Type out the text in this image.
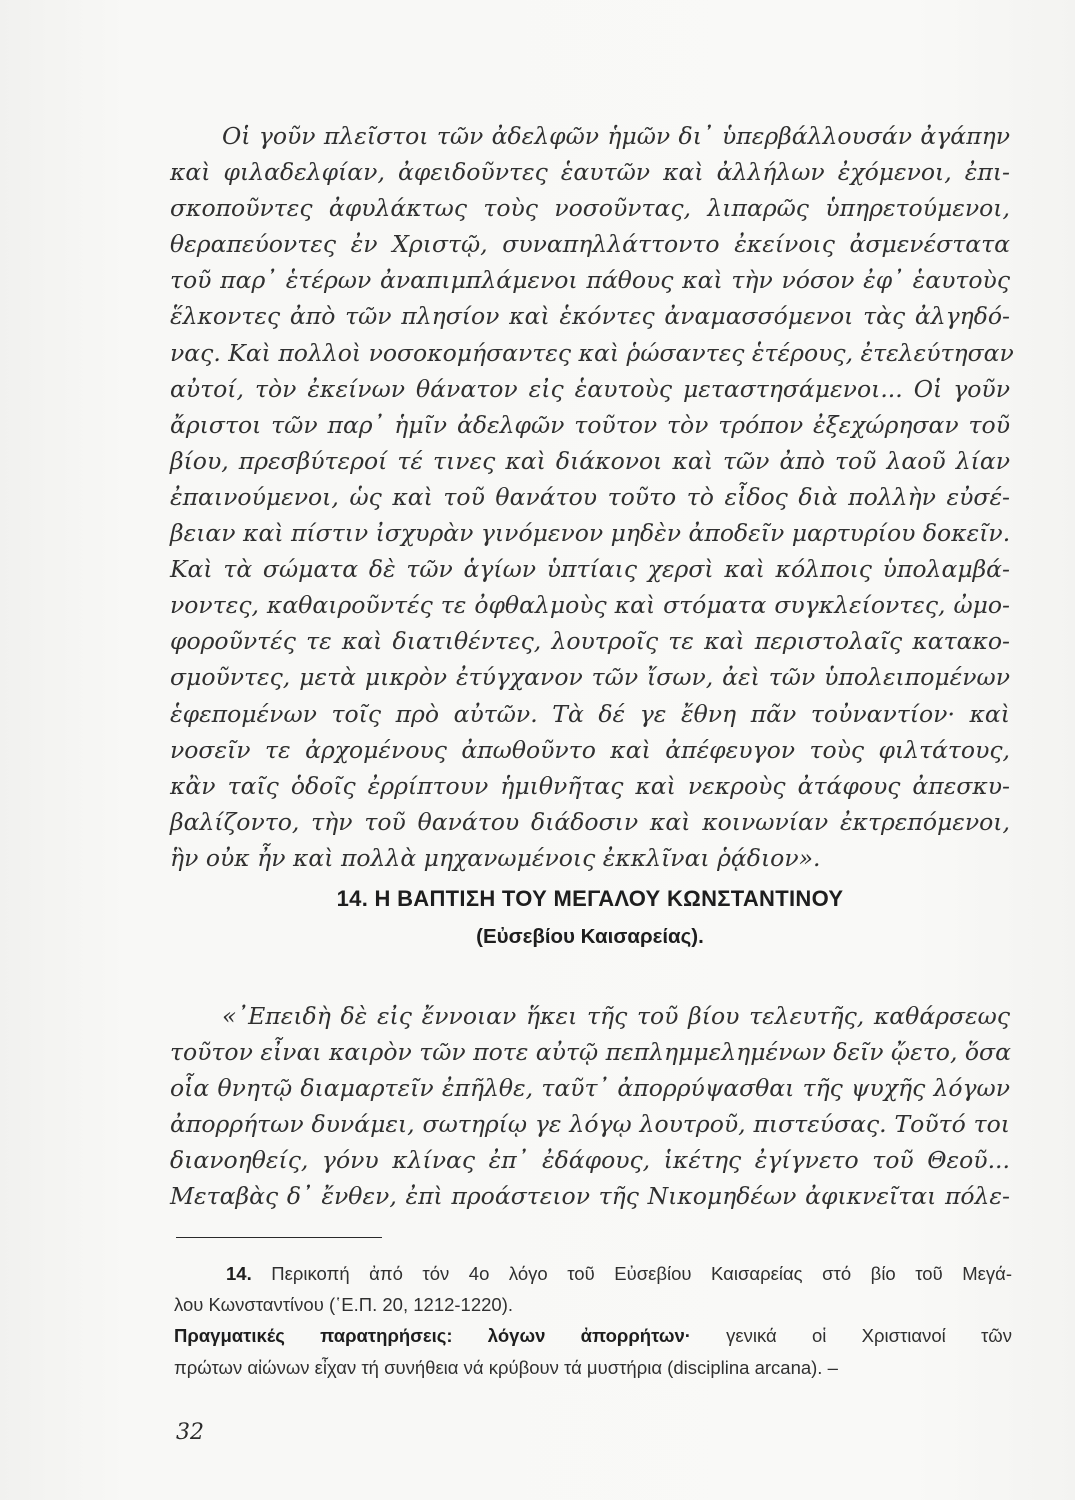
Οἱ γοῦν πλεῖστοι τῶν ἀδελφῶν ἡμῶν δι᾽ ὑπερβάλλουσάν ἀγάπην
καὶ φιλαδελφίαν, ἀφειδοῦντες ἑαυτῶν καὶ ἀλλήλων ἐχόμενοι, ἐπι-
σκοποῦντες ἀφυλάκτως τοὺς νοσοῦντας, λιπαρῶς ὑπηρετούμενοι,
θεραπεύοντες ἐν Χριστῷ, συναπηλλάττοντο ἐκείνοις ἀσμενέστατα
τοῦ παρ᾽ ἑτέρων ἀναπιμπλάμενοι πάθους καὶ τὴν νόσον ἐφ᾽ ἑαυτοὺς
ἕλκοντες ἀπὸ τῶν πλησίον καὶ ἑκόντες ἀναμασσόμενοι τὰς ἀλγηδό-
νας. Καὶ πολλοὶ νοσοκομήσαντες καὶ ῥώσαντες ἑτέρους, ἐτελεύτησαν
αὐτοί, τὸν ἐκείνων θάνατον εἰς ἑαυτοὺς μεταστησάμενοι... Οἱ γοῦν
ἄριστοι τῶν παρ᾽ ἡμῖν ἀδελφῶν τοῦτον τὸν τρόπον ἐξεχώρησαν τοῦ
βίου, πρεσβύτεροί τέ τινες καὶ διάκονοι καὶ τῶν ἀπὸ τοῦ λαοῦ λίαν
ἐπαινούμενοι, ὡς καὶ τοῦ θανάτου τοῦτο τὸ εἶδος διὰ πολλὴν εὐσέ-
βειαν καὶ πίστιν ἰσχυρὰν γινόμενον μηδὲν ἀποδεῖν μαρτυρίου δοκεῖν.
Καὶ τὰ σώματα δὲ τῶν ἁγίων ὑπτίαις χερσὶ καὶ κόλποις ὑπολαμβά-
νοντες, καθαιροῦντές τε ὀφθαλμοὺς καὶ στόματα συγκλείοντες, ὠμο-
φοροῦντές τε καὶ διατιθέντες, λουτροῖς τε καὶ περιστολαῖς κατακο-
σμοῦντες, μετὰ μικρὸν ἐτύγχανον τῶν ἴσων, ἀεὶ τῶν ὑπολειπομένων
ἑφεπομένων τοῖς πρὸ αὐτῶν. Τὰ δέ γε ἔθνη πᾶν τοὐναντίον· καὶ
νοσεῖν τε ἀρχομένους ἀπωθοῦντο καὶ ἀπέφευγον τοὺς φιλτάτους,
κἂν ταῖς ὁδοῖς ἐρρίπτουν ἡμιθνῆτας καὶ νεκροὺς ἀτάφους ἀπεσκυ-
βαλίζοντο, τὴν τοῦ θανάτου διάδοσιν καὶ κοινωνίαν ἐκτρεπόμενοι,
ἣν οὐκ ἦν καὶ πολλὰ μηχανωμένοις ἐκκλῖναι ῥᾴδιον».
14. Η ΒΑΠΤΙΣΗ ΤΟΥ ΜΕΓΑΛΟΥ ΚΩΝΣΤΑΝΤΙΝΟΥ
(Εὐσεβίου Καισαρείας).
«᾽Επειδὴ δὲ εἰς ἔννοιαν ἥκει τῆς τοῦ βίου τελευτῆς, καθάρσεως
τοῦτον εἶναι καιρὸν τῶν ποτε αὐτῷ πεπλημμελημένων δεῖν ᾤετο, ὅσα
οἷα θνητῷ διαμαρτεῖν ἐπῆλθε, ταῦτ᾽ ἀπορρύψασθαι τῆς ψυχῆς λόγων
ἀπορρήτων δυνάμει, σωτηρίῳ γε λόγῳ λουτροῦ, πιστεύσας. Τοῦτό τοι
διανοηθείς, γόνυ κλίνας ἐπ᾽ ἐδάφους, ἱκέτης ἐγίγνετο τοῦ Θεοῦ...
Μεταβὰς δ᾽ ἔνθεν, ἐπὶ προάστειον τῆς Νικομηδέων ἀφικνεῖται πόλε-
14. Περικοπή ἀπό τόν 4ο λόγο τοῦ Εὐσεβίου Καισαρείας στό βίο τοῦ Μεγά-
λου Κωνσταντίνου (῾Ε.Π. 20, 1212-1220).
Πραγματικές παρατηρήσεις: λόγων ἀπορρήτων· γενικά οἱ Χριστιανοί τῶν
πρώτων αἰώνων εἶχαν τή συνήθεια νά κρύβουν τά μυστήρια (disciplina arcana). –
32
